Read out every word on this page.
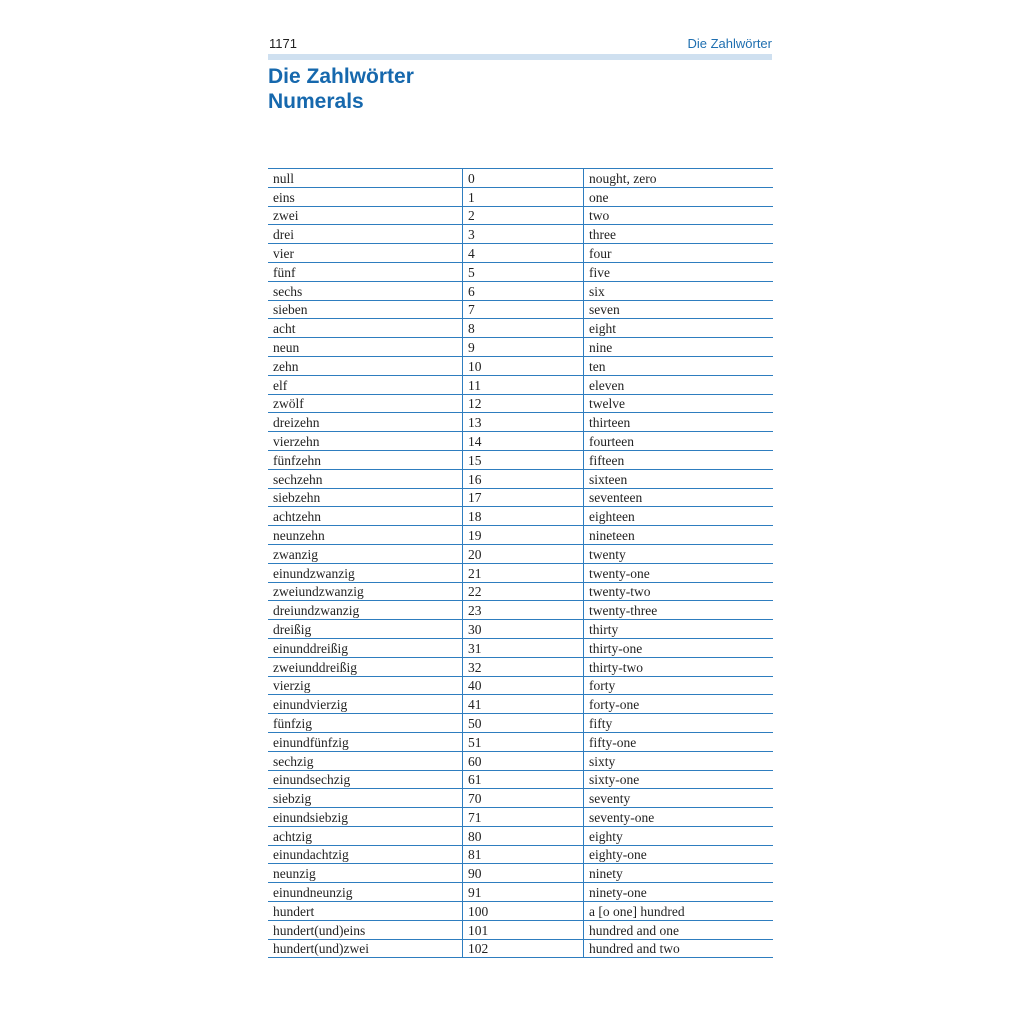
1171	Die Zahlwörter
Die Zahlwörter
Numerals
null	0	nought, zero
eins	1	one
zwei	2	two
drei	3	three
vier	4	four
fünf	5	five
sechs	6	six
sieben	7	seven
acht	8	eight
neun	9	nine
zehn	10	ten
elf	11	eleven
zwölf	12	twelve
dreizehn	13	thirteen
vierzehn	14	fourteen
fünfzehn	15	fifteen
sechzehn	16	sixteen
siebzehn	17	seventeen
achtzehn	18	eighteen
neunzehn	19	nineteen
zwanzig	20	twenty
einundzwanzig	21	twenty-one
zweiundzwanzig	22	twenty-two
dreiundzwanzig	23	twenty-three
dreißig	30	thirty
einunddreißig	31	thirty-one
zweiunddreißig	32	thirty-two
vierzig	40	forty
einundvierzig	41	forty-one
fünfzig	50	fifty
einundfünfzig	51	fifty-one
sechzig	60	sixty
einundsechzig	61	sixty-one
siebzig	70	seventy
einundsiebzig	71	seventy-one
achtzig	80	eighty
einundachtzig	81	eighty-one
neunzig	90	ninety
einundneunzig	91	ninety-one
hundert	100	a [o one] hundred
hundert(und)eins	101	hundred and one
hundert(und)zwei	102	hundred and two
